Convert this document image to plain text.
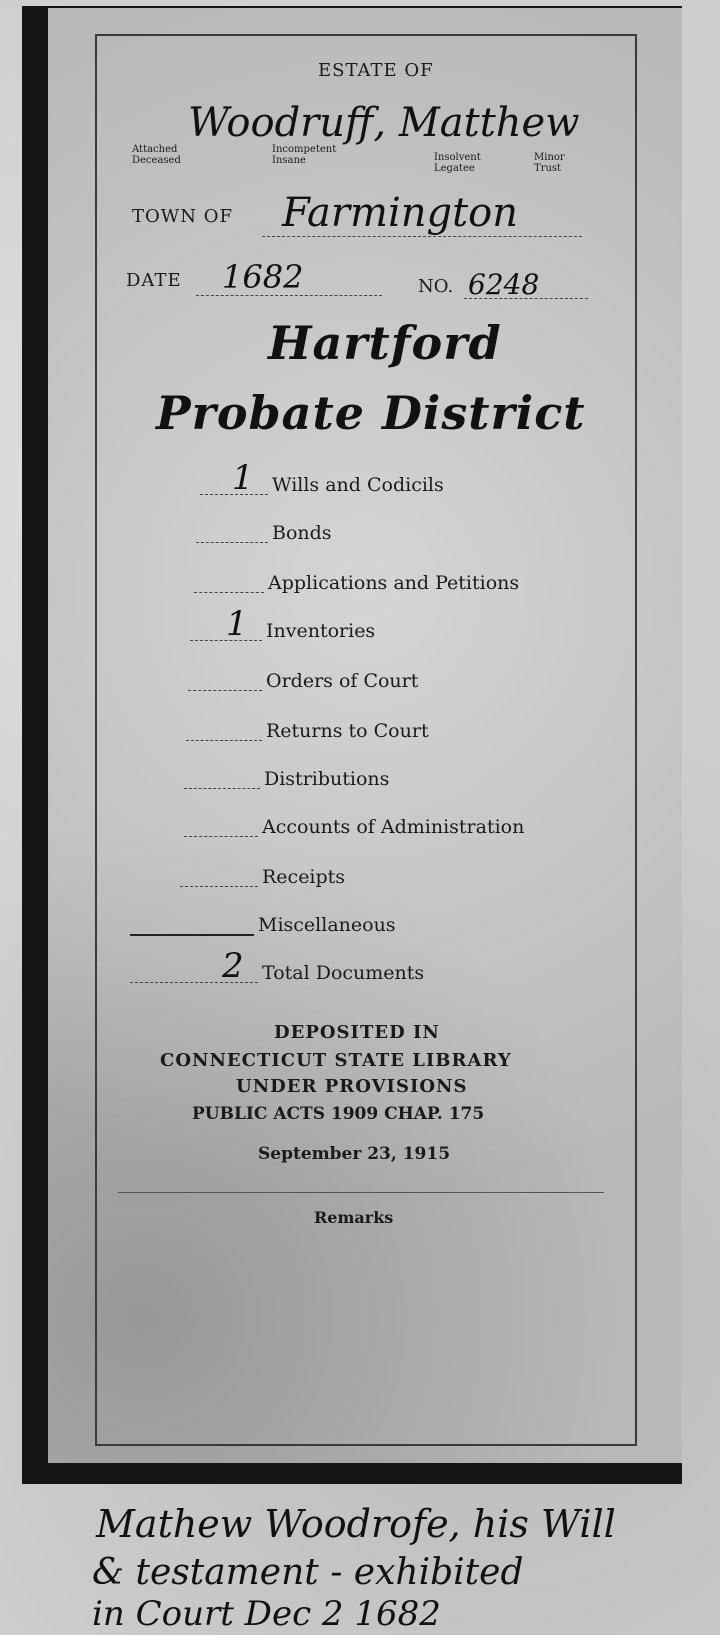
ESTATE OF
Woodruff, Matthew
Attached
Deceased
Incompetent
Insane	Insolvent
Legatee
Minor
Trust
TOWN OF Farmington
DATE 1682	NO. 6248
Hartford
Probate District
1 Wills and Codicils
Bonds
Applications and Petitions
1 Inventories
Orders of Court
Returns to Court
Distributions
Accounts of Administration
Receipts
Miscellaneous
2 Total Documents
DEPOSITED IN
CONNECTICUT STATE LIBRARY
UNDER PROVISIONS
PUBLIC ACTS 1909 CHAP. 175
September 23, 1915
Remarks
Mathew Woodrofe, his Will
& testament - exhibited
in Court Dec 2 1682
